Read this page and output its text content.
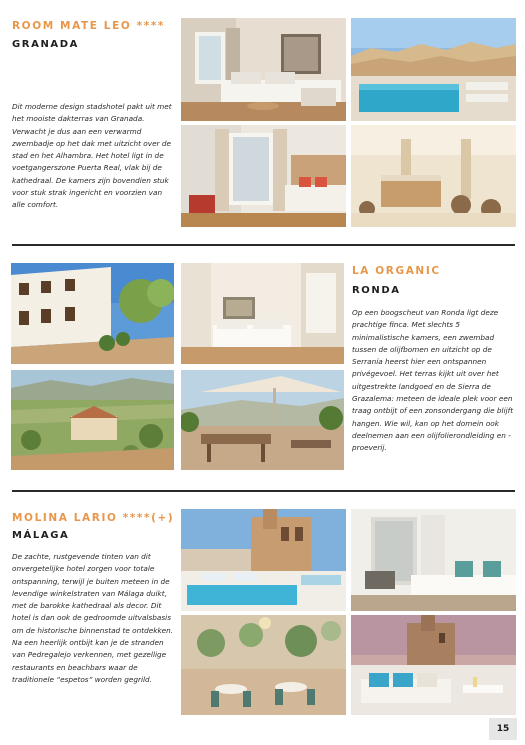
ROOM MATE LEO ****
GRANADA
Dit moderne design stadshotel pakt uit met het mooiste dakterras van Granada. Verwacht je dus aan een verwarmd zwembadje op het dak met uitzicht over de stad en het Alhambra. Het hotel ligt in de voetgangerszone Puerta Real, vlak bij de kathedraal. De kamers zijn bovendien stuk voor stuk strak ingericht en voorzien van alle comfort.
LA ORGANIC
RONDA
Op een boogscheut van Ronda ligt deze prachtige finca. Met slechts 5 minimalistische kamers, een zwembad tussen de olijfbomen en uitzicht op de Serranía heerst hier een ontspannen privégevoel. Het terras kijkt uit over het uitgestrekte landgoed en de Sierra de Grazalema: meteen de ideale plek voor een traag ontbijt of een zonsondergang die blijft hangen. Wie wil, kan op het domein ook deelnemen aan een olijfolierondleiding en -proeverij.
MOLINA LARIO ****(+)
MÁLAGA
De zachte, rustgevende tinten van dit onvergetelijke hotel zorgen voor totale ontspanning, terwijl je buiten meteen in de levendige winkelstraten van Málaga duikt, met de barokke kathedraal als decor. Dit hotel is dan ook de gedroomde uitvalsbasis om de historische binnenstad te ontdekken. Na een heerlijk ontbijt kan je de stranden van Pedregalejo verkennen, met gezellige restaurants en beachbars waar de traditionele “espetos” worden gegrild.
15
